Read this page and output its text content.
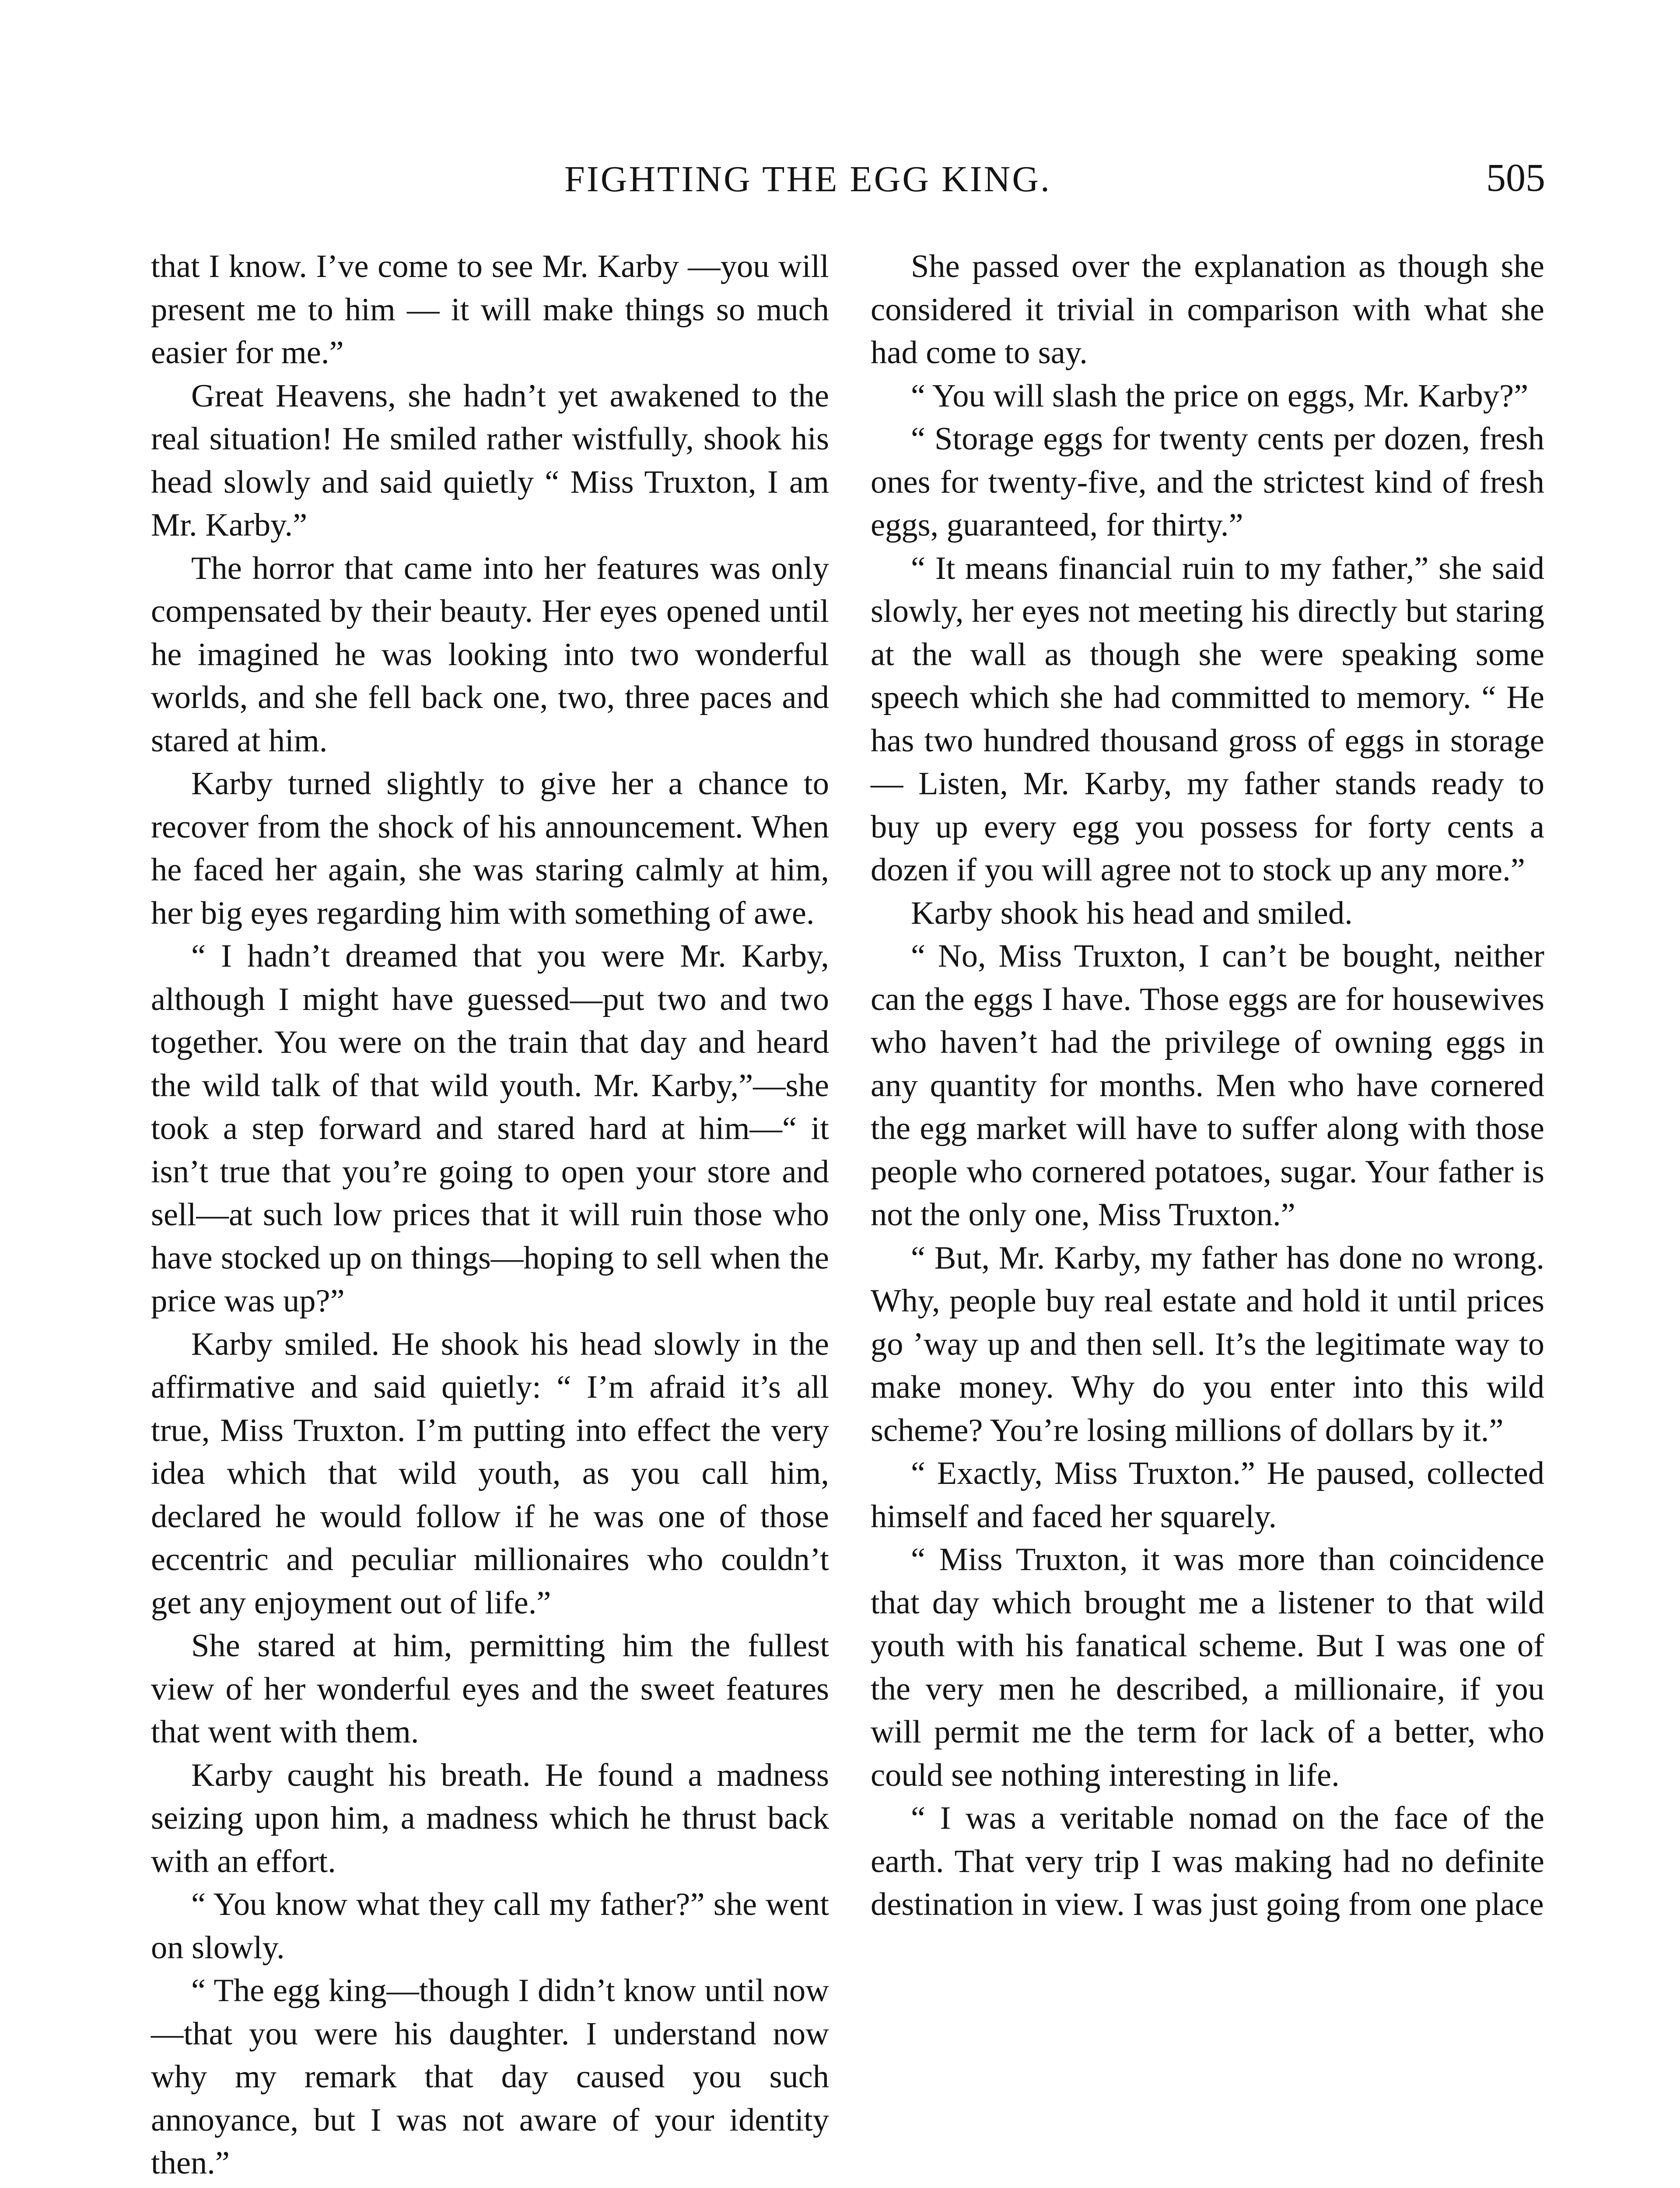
FIGHTING THE EGG KING.	505

that I know. I’ve come to see Mr. Karby —you will present me to him — it will make things so much easier for me.”

Great Heavens, she hadn’t yet awakened to the real situation! He smiled rather wistfully, shook his head slowly and said quietly “ Miss Truxton, I am Mr. Karby.”

The horror that came into her features was only compensated by their beauty. Her eyes opened until he imagined he was looking into two wonderful worlds, and she fell back one, two, three paces and stared at him.

Karby turned slightly to give her a chance to recover from the shock of his announcement. When he faced her again, she was staring calmly at him, her big eyes regarding him with something of awe.

“ I hadn’t dreamed that you were Mr. Karby, although I might have guessed—put two and two together. You were on the train that day and heard the wild talk of that wild youth. Mr. Karby,”—she took a step forward and stared hard at him—“ it isn’t true that you’re going to open your store and sell—at such low prices that it will ruin those who have stocked up on things—hoping to sell when the price was up?”

Karby smiled. He shook his head slowly in the affirmative and said quietly: “ I’m afraid it’s all true, Miss Truxton. I’m putting into effect the very idea which that wild youth, as you call him, declared he would follow if he was one of those eccentric and peculiar millionaires who couldn’t get any enjoyment out of life.”

She stared at him, permitting him the fullest view of her wonderful eyes and the sweet features that went with them.

Karby caught his breath. He found a madness seizing upon him, a madness which he thrust back with an effort.

“ You know what they call my father?” she went on slowly.

“ The egg king—though I didn’t know until now—that you were his daughter. I understand now why my remark that day caused you such annoyance, but I was not aware of your identity then.”

She passed over the explanation as though she considered it trivial in comparison with what she had come to say.

“ You will slash the price on eggs, Mr. Karby?”

“ Storage eggs for twenty cents per dozen, fresh ones for twenty-five, and the strictest kind of fresh eggs, guaranteed, for thirty.”

“ It means financial ruin to my father,” she said slowly, her eyes not meeting his directly but staring at the wall as though she were speaking some speech which she had committed to memory. “ He has two hundred thousand gross of eggs in storage— Listen, Mr. Karby, my father stands ready to buy up every egg you possess for forty cents a dozen if you will agree not to stock up any more.”

Karby shook his head and smiled.

“ No, Miss Truxton, I can’t be bought, neither can the eggs I have. Those eggs are for housewives who haven’t had the privilege of owning eggs in any quantity for months. Men who have cornered the egg market will have to suffer along with those people who cornered potatoes, sugar. Your father is not the only one, Miss Truxton.”

“ But, Mr. Karby, my father has done no wrong. Why, people buy real estate and hold it until prices go ’way up and then sell. It’s the legitimate way to make money. Why do you enter into this wild scheme? You’re losing millions of dollars by it.”

“ Exactly, Miss Truxton.” He paused, collected himself and faced her squarely.

“ Miss Truxton, it was more than coincidence that day which brought me a listener to that wild youth with his fanatical scheme. But I was one of the very men he described, a millionaire, if you will permit me the term for lack of a better, who could see nothing interesting in life.

“ I was a veritable nomad on the face of the earth. That very trip I was making had no definite destination in view. I was just going from one place
